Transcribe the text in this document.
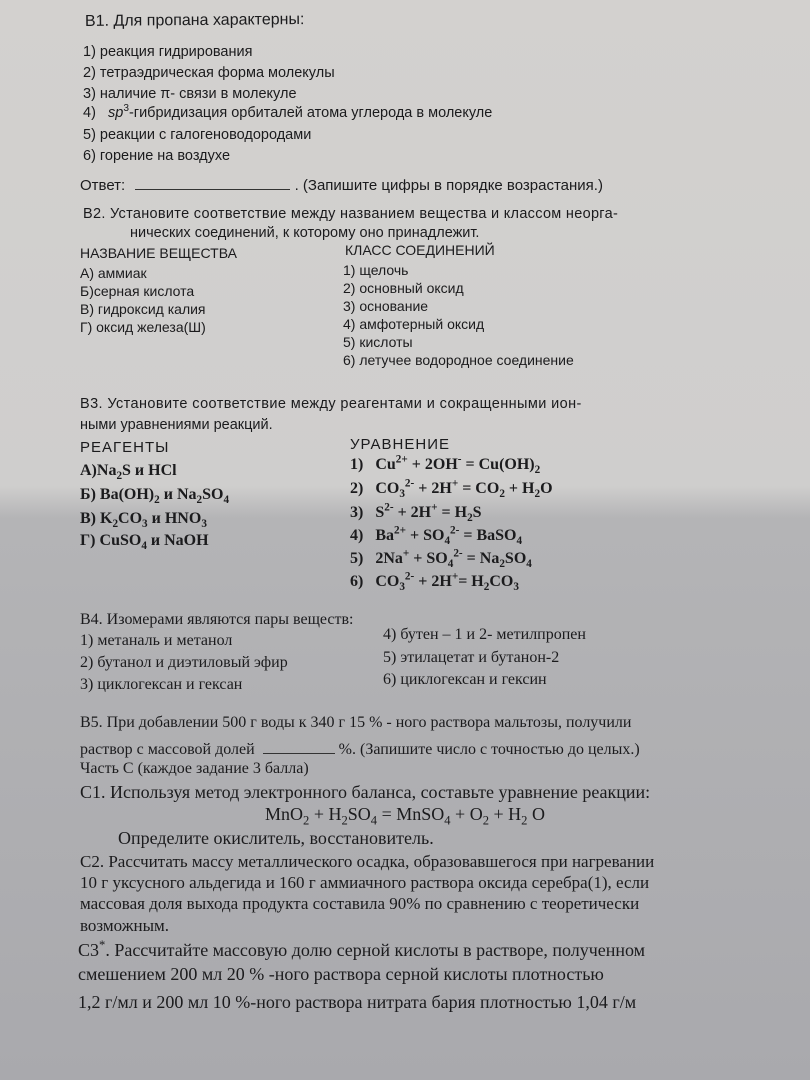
В1. Для пропана характерны:
1) реакция гидрирования
2) тетраэдрическая форма молекулы
3) наличие π- связи в молекуле
4)   $sp^3$-гибридизация орбиталей атома углерода в молекуле
5) реакции с галогеноводородами
6) горение на воздухе
Ответ:	. (Запишите цифры в порядке возрастания.)
В2. Установите соответствие между названием вещества и классом неорга-
нических соединений, к которому оно принадлежит.
НАЗВАНИЕ ВЕЩЕСТВА	КЛАСС СОЕДИНЕНИЙ
А) аммиак
Б)серная кислота
В) гидроксид калия
Г) оксид железа(Ш)
1) щелочь
2) основный оксид
3) основание
4) амфотерный оксид
5) кислоты
6) летучее водородное соединение
В3. Установите соответствие между реагентами и сокращенными ион-
ными уравнениями реакций.
РЕАГЕНТЫ	УРАВНЕНИЕ
$А)Na_2S$ и HCl
Б) $Ba(OH)_2$ и $Na_2SO_4$
В) $K_2CO_3$ и $HNO_3$
Г) CuSO$_4$ и NaOH
1)   $Cu^{2+} + 2OH^- = Cu(OH)_2$
2)   $CO_3^{2-} + 2H^+ = CO_2 + H_2O$
3)   $S^{2-} + 2H^+ = H_2S$
4)   $Ba^{2+} + SO_4^{2-}$ = BaSO$_4$
5)   $2Na^+ + SO_4^{2-} = Na_2SO_4$
6)   $CO_3^{2-} + 2H^+= H_2CO_3$
В4. Изомерами являются пары веществ:
1) метаналь и метанол
2) бутанол и диэтиловый эфир
3) циклогексан и гексан
4) бутен – 1 и 2- метилпропен
5) этилацетат и бутанон-2
6) циклогексан и гексин
В5. При добавлении 500 г воды к 340 г 15 % - ного раствора мальтозы, получили
раствор с массовой долей	%. (Запишите число с точностью до целых.)
Часть С (каждое задание 3 балла)
С1. Используя метод электронного баланса, составьте уравнение реакции:
$MnO_2 + H_2SO_4$ = MnSO$_4$ + $O_2 + H_2$ O
Определите окислитель, восстановитель.
С2. Рассчитать массу металлического осадка, образовавшегося при нагревании
10 г уксусного альдегида и 160 г аммиачного раствора оксида серебра(1), если
массовая доля выхода продукта составила 90% по сравнению с теоретически
возможным.
С3*. Рассчитайте массовую долю серной кислоты в растворе, полученном
смешением 200 мл 20 % -ного раствора серной кислоты плотностью
1,2 г/мл и 200 мл 10 %-ного раствора нитрата бария плотностью 1,04 г/м
